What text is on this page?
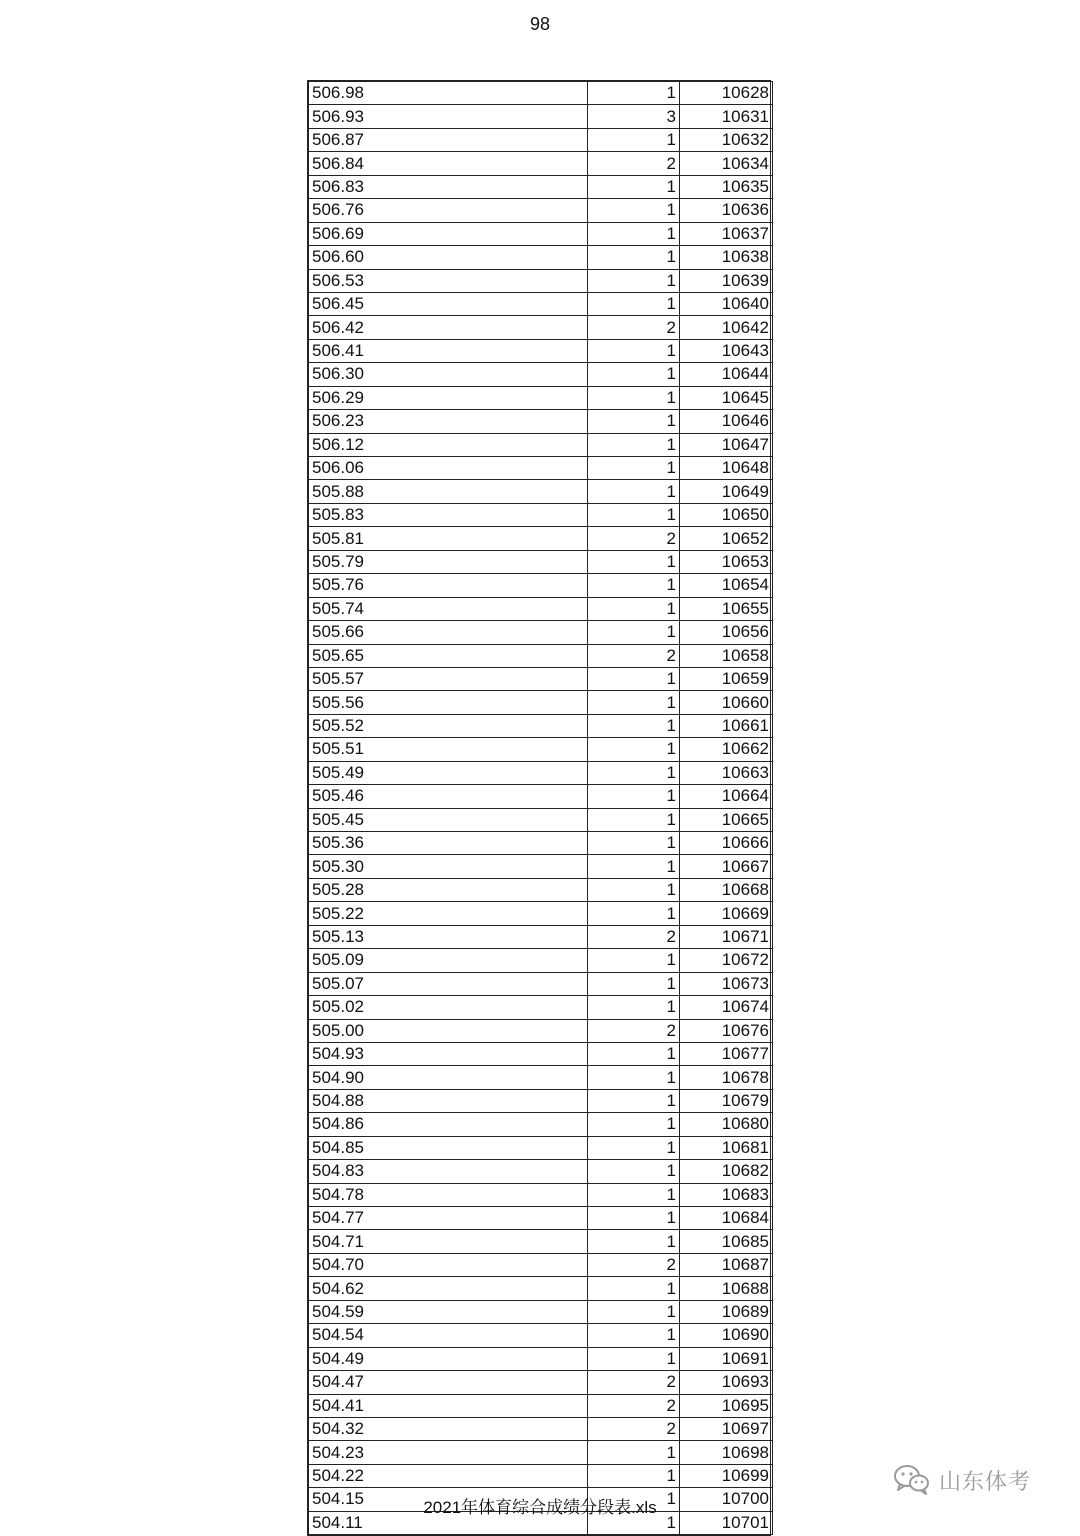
98
506.98	1	10628
506.93	3	10631
506.87	1	10632
506.84	2	10634
506.83	1	10635
506.76	1	10636
506.69	1	10637
506.60	1	10638
506.53	1	10639
506.45	1	10640
506.42	2	10642
506.41	1	10643
506.30	1	10644
506.29	1	10645
506.23	1	10646
506.12	1	10647
506.06	1	10648
505.88	1	10649
505.83	1	10650
505.81	2	10652
505.79	1	10653
505.76	1	10654
505.74	1	10655
505.66	1	10656
505.65	2	10658
505.57	1	10659
505.56	1	10660
505.52	1	10661
505.51	1	10662
505.49	1	10663
505.46	1	10664
505.45	1	10665
505.36	1	10666
505.30	1	10667
505.28	1	10668
505.22	1	10669
505.13	2	10671
505.09	1	10672
505.07	1	10673
505.02	1	10674
505.00	2	10676
504.93	1	10677
504.90	1	10678
504.88	1	10679
504.86	1	10680
504.85	1	10681
504.83	1	10682
504.78	1	10683
504.77	1	10684
504.71	1	10685
504.70	2	10687
504.62	1	10688
504.59	1	10689
504.54	1	10690
504.49	1	10691
504.47	2	10693
504.41	2	10695
504.32	2	10697
504.23	1	10698
504.22	1	10699
504.15	1	10700
504.11	1	10701
2021年体育综合成绩分段表.xls
山东体考
